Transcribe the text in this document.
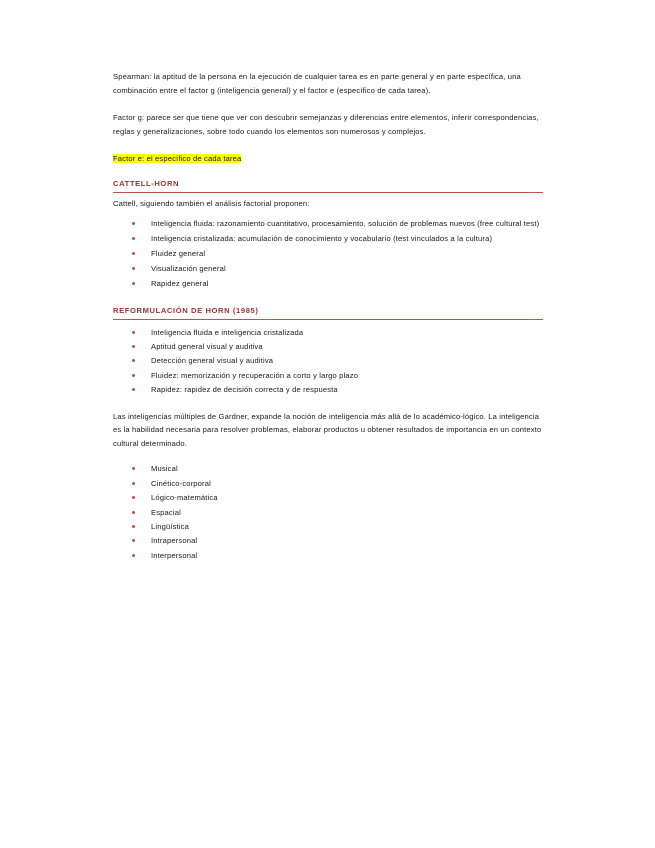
Spearman: la aptitud de la persona en la ejecución de cualquier tarea es en parte general y en parte específica, una combinación entre el factor g (inteligencia general) y el factor e (específico de cada tarea).

Factor g: parece ser que tiene que ver con descubrir semejanzas y diferencias entre elementos, inferir correspondencias, reglas y generalizaciones, sobre todo cuando los elementos son numerosos y complejos.

Factor e: el específico de cada tarea

CATTELL-HORN

Cattell, siguiendo también el análisis factorial proponen:

Inteligencia fluida: razonamiento cuantitativo, procesamiento, solución de problemas nuevos (free cultural test)
Inteligencia cristalizada: acumulación de conocimiento y vocabulario (test vinculados a la cultura)
Fluidez general
Visualización general
Rapidez general
REFORMULACIÓN DE HORN (1985)
Inteligencia fluida e inteligencia cristalizada
Aptitud general visual y auditiva
Detección general visual y auditiva
Fluidez: memorización y recuperación a corto y largo plazo
Rapidez: rapidez de decisión correcta y de respuesta

Las inteligencias múltiples de Gardner, expande la noción de inteligencia más allá de lo académico-lógico. La inteligencia es la habilidad necesaria para resolver problemas, elaborar productos u obtener resultados de importancia en un contexto cultural determinado.

Musical
Cinético-corporal
Lógico-matemática
Espacial
Lingüística
Intrapersonal
Interpersonal
